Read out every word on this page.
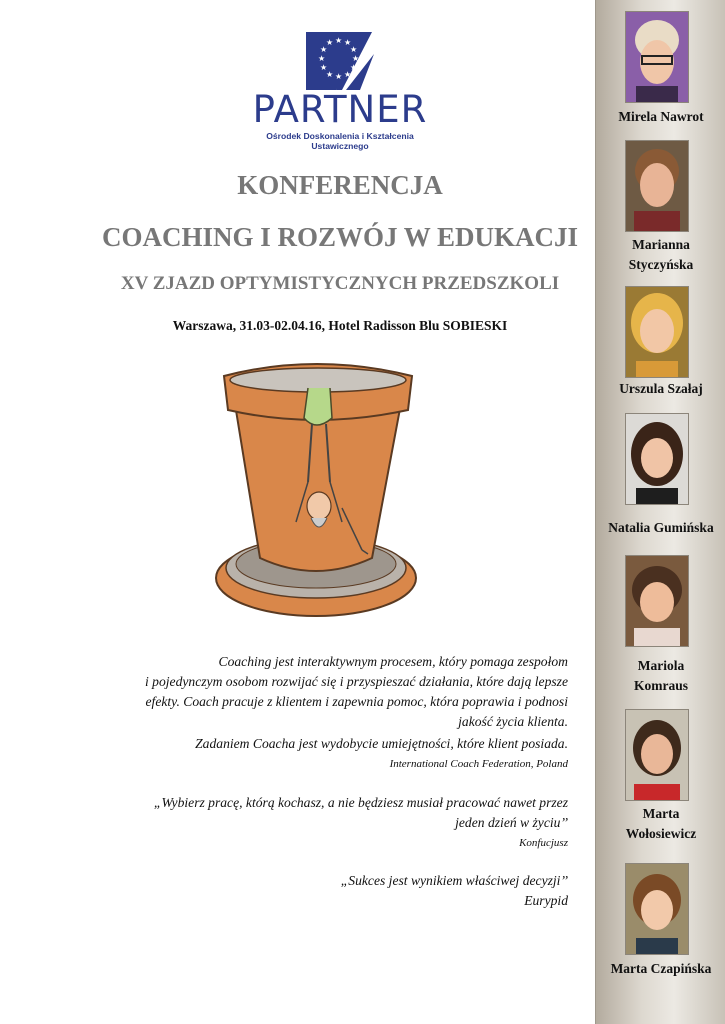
★ ★
★
★
★
★
★
★
★
★
★
★
PARTNER
Ośrodek Doskonalenia i Kształcenia Ustawicznego
KONFERENCJA
COACHING I ROZWÓJ W EDUKACJI
XV ZJAZD OPTYMISTYCZNYCH PRZEDSZKOLI
Warszawa, 31.03-02.04.16, Hotel Radisson Blu SOBIESKI
Coaching jest interaktywnym procesem, który pomaga zespołom
i pojedynczym osobom rozwijać się i przyspieszać działania, które dają lepsze
efekty. Coach pracuje z klientem i zapewnia pomoc, która poprawia i podnosi
jakość życia klienta.
Zadaniem Coacha jest wydobycie umiejętności, które klient posiada.
International Coach Federation, Poland
„Wybierz pracę, którą kochasz, a nie będziesz musiał pracować nawet przez
jeden dzień w życiu’’
Konfucjusz
„Sukces jest wynikiem właściwej decyzji’’
Eurypid
Mirela Nawrot
Marianna
Styczyńska
Urszula Szałaj
Natalia Gumińska
Mariola
Komraus
Marta
Wołosiewicz
Marta Czapińska
